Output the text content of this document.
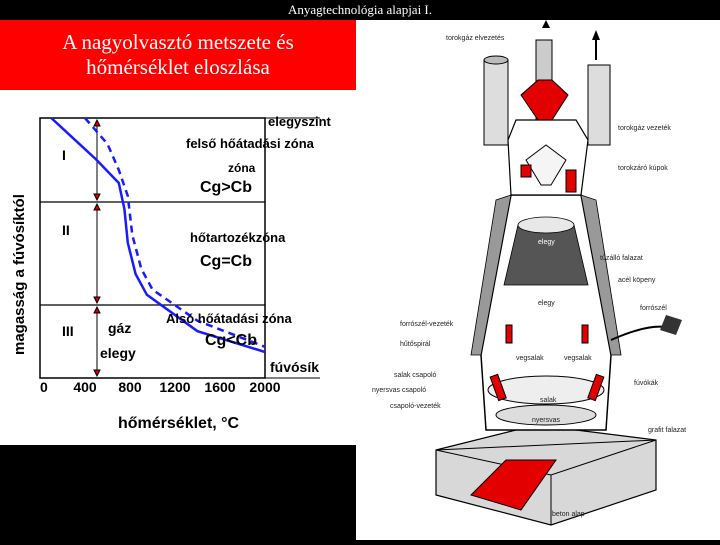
Anyagtechnológia alapjai I.
A nagyolvasztó metszete és
hőmérséklet eloszlása
I
II
III
felső hőátadási zóna
zóna
Cg>Cb
hőtartozékzóna
Cg=Cb
Alsó hőátadási zóna
Cg<Cb
elegyszint
fúvósík
gáz
elegy
magasság a fúvósíktól
0 400 800 1200 1600 2000
hőmérséklet, °C
torokgáz elvezetés
torokgáz vezeték
torokzáró kúpok
elegy
tűzálló falazat
acél köpeny
elegy
forrószél
forrószél-vezeték
hűtőspirál
vegsalak	vegsalak
fúvókák
salak csapoló
nyersvas csapoló
csapoló-vezeték
salak
nyersvas
grafit falazat
beton alap
